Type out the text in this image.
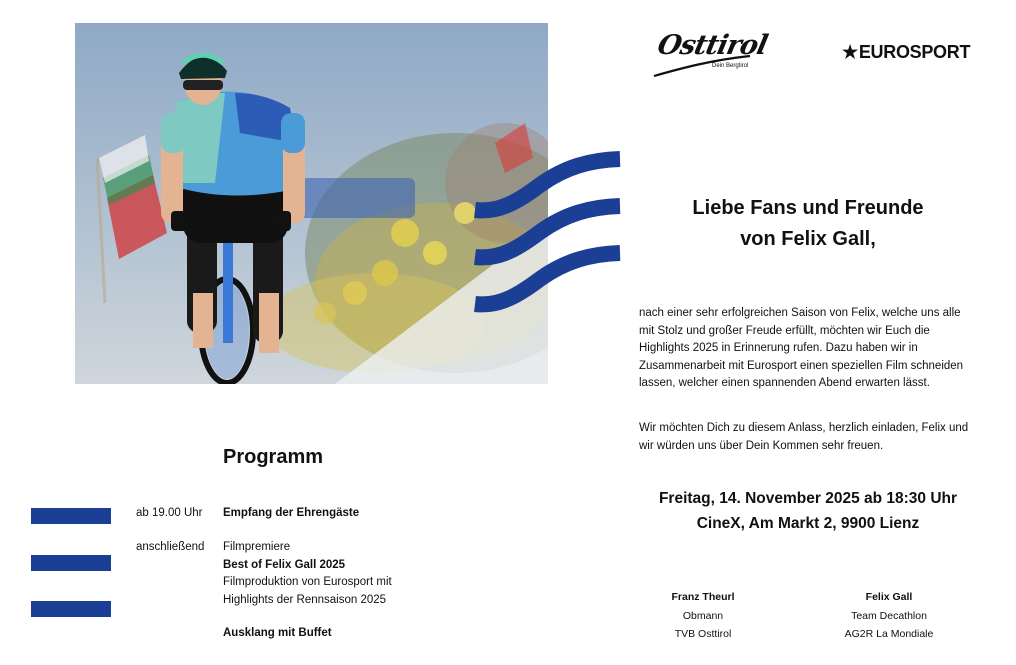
Osttirol
Dein Bergtirol
★EUROSPORT
Liebe Fans und Freunde
von Felix Gall,
nach einer sehr erfolgreichen Saison von Felix, welche uns alle mit Stolz und großer Freude erfüllt, möchten wir Euch die Highlights 2025 in Erinnerung rufen. Dazu haben wir in Zusammenarbeit mit Eurosport einen speziellen Film schneiden lassen, welcher einen spannenden Abend erwarten lässt.
Wir möchten Dich zu diesem Anlass, herzlich einladen, Felix und wir würden uns über Dein Kommen sehr freuen.
Freitag, 14. November 2025 ab 18:30 Uhr
CineX, Am Markt 2, 9900 Lienz
Franz Theurl
Obmann
TVB Osttirol
Felix Gall
Team Decathlon
AG2R La Mondiale
Programm
ab 19.00 Uhr Empfang der Ehrengäste
anschließend Filmpremiere
Best of Felix Gall 2025
Filmproduktion von Eurosport mit
Highlights der Rennsaison 2025
Ausklang mit Buffet
